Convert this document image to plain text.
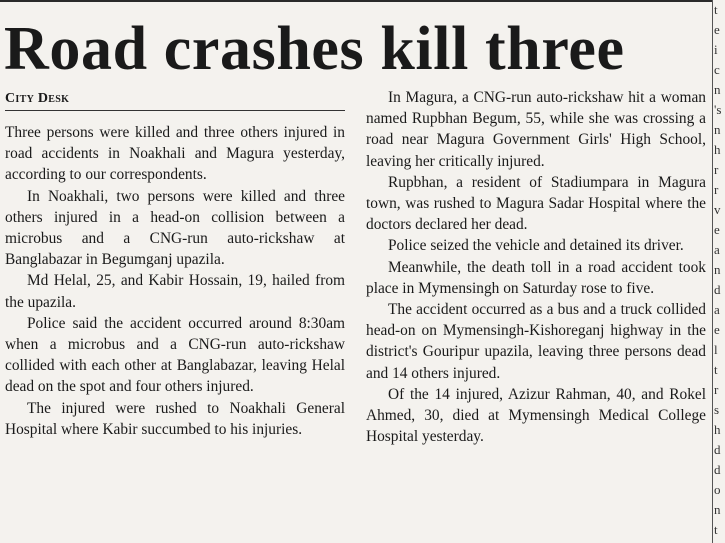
t
e
i
c
n
's
n
h
r
r
v
e
a
n
d
a
e
l
t
r
s
h
d
d
o
n
t
Road crashes kill three
City Desk

Three persons were killed and three others injured in road accidents in Noakhali and Magura yesterday, according to our correspondents.

In Noakhali, two persons were killed and three others injured in a head-on collision between a microbus and a CNG-run auto-rickshaw at Banglabazar in Begumganj upazila.

Md Helal, 25, and Kabir Hossain, 19, hailed from the upazila.

Police said the accident occurred around 8:30am when a microbus and a CNG-run auto-rickshaw collided with each other at Banglabazar, leaving Helal dead on the spot and four others injured.

The injured were rushed to Noakhali General Hospital where Kabir succumbed to his injuries.

In Magura, a CNG-run auto-rickshaw hit a woman named Rupbhan Begum, 55, while she was crossing a road near Magura Government Girls' High School, leaving her critically injured.

Rupbhan, a resident of Stadiumpara in Magura town, was rushed to Magura Sadar Hospital where the doctors declared her dead.

Police seized the vehicle and detained its driver.

Meanwhile, the death toll in a road accident took place in Mymensingh on Saturday rose to five.

The accident occurred as a bus and a truck collided head-on on Mymensingh-Kishoreganj highway in the district's Gouripur upazila, leaving three persons dead and 14 others injured.

Of the 14 injured, Azizur Rahman, 40, and Rokel Ahmed, 30, died at Mymensingh Medical College Hospital yesterday.
